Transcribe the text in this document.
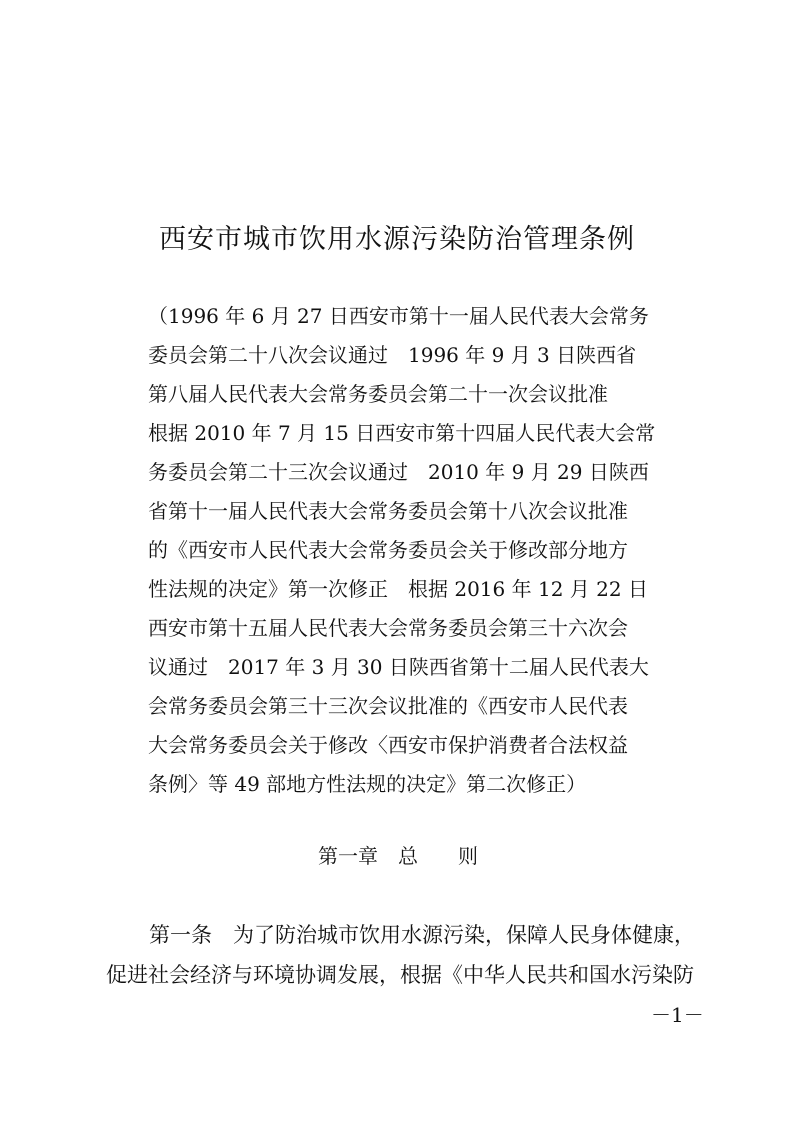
西安市城市饮用水源污染防治管理条例
（1996 年 6 月 27 日西安市第十一届人民代表大会常务
委员会第二十八次会议通过　1996 年 9 月 3 日陕西省
第八届人民代表大会常务委员会第二十一次会议批准
根据 2010 年 7 月 15 日西安市第十四届人民代表大会常
务委员会第二十三次会议通过　2010 年 9 月 29 日陕西
省第十一届人民代表大会常务委员会第十八次会议批准
的《西安市人民代表大会常务委员会关于修改部分地方
性法规的决定》第一次修正　根据 2016 年 12 月 22 日
西安市第十五届人民代表大会常务委员会第三十六次会
议通过　2017 年 3 月 30 日陕西省第十二届人民代表大
会常务委员会第三十三次会议批准的《西安市人民代表
大会常务委员会关于修改〈西安市保护消费者合法权益
条例〉等 49 部地方性法规的决定》第二次修正）
第一章　总　　则
第一条　为了防治城市饮用水源污染，保障人民身体健康，
促进社会经济与环境协调发展，根据《中华人民共和国水污染防
－1－
